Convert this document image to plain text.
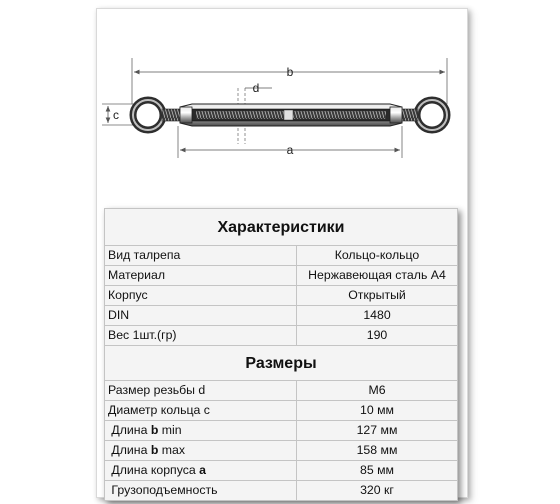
b
d
c
a
Характеристики	
Вид талрепа	Кольцо-кольцо
Материал	Нержавеющая сталь А4
Корпус	Открытый
DIN	1480
Вес 1шт.(гр)	190
Размеры	
Размер резьбы d	М6
Диаметр кольца с	10 мм
Длина b min	127 мм
Длина b max	158 мм
Длина корпуса a	85 мм
Грузоподъемность	320 кг
